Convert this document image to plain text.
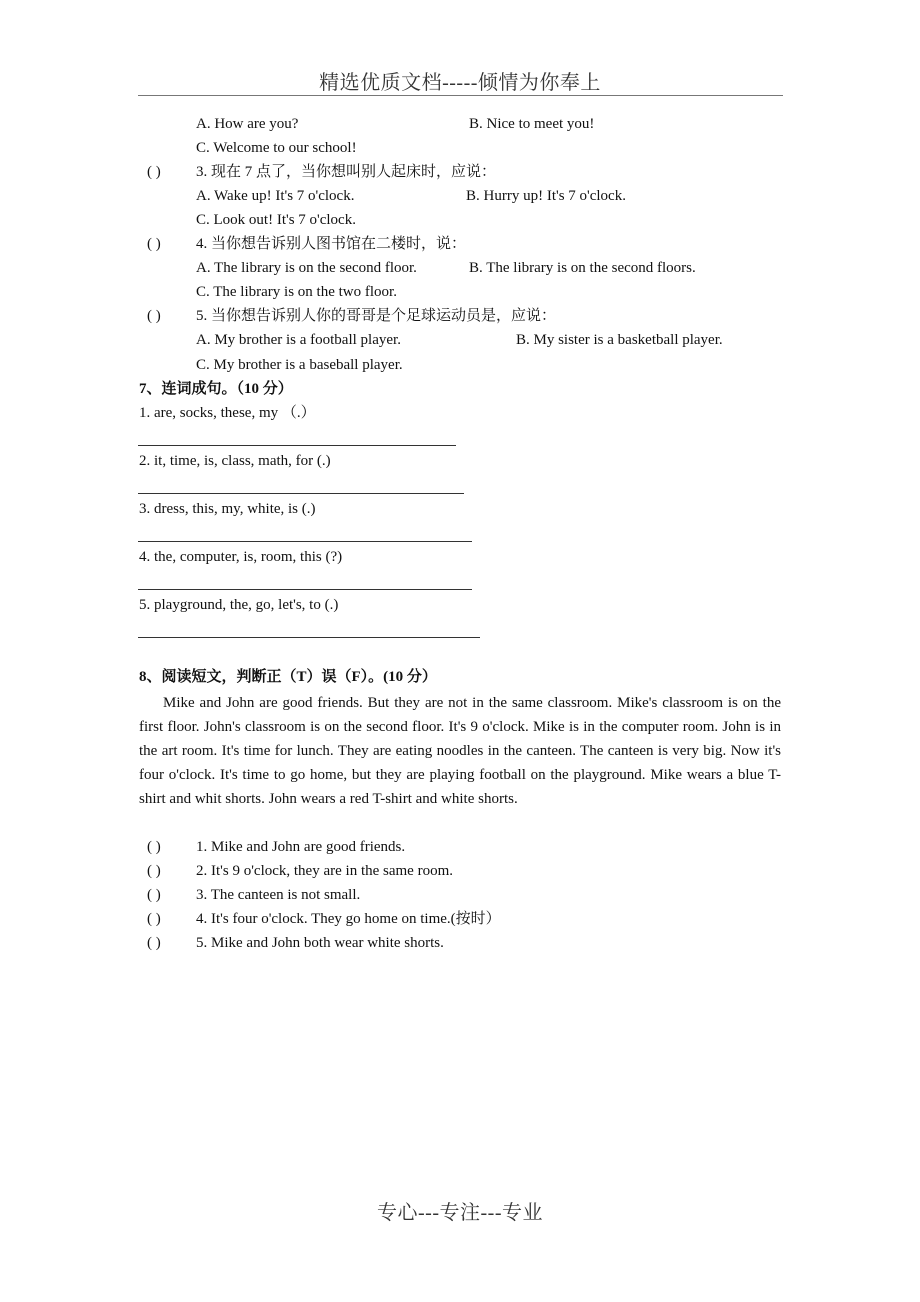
精选优质文档-----倾情为你奉上
A. How are you?	B. Nice to meet you!
C. Welcome to our school!
( ) 3. 现在 7 点了，当你想叫别人起床时，应说：
A. Wake up! It's 7 o'clock.	B. Hurry up! It's 7 o'clock.
C. Look out! It's 7 o'clock.
( ) 4. 当你想告诉别人图书馆在二楼时，说：
A. The library is on the second floor.	B. The library is on the second floors.
C. The library is on the two floor.
( ) 5. 当你想告诉别人你的哥哥是个足球运动员是，应说：
A. My brother is a football player.	B. My sister is a basketball player.
C. My brother is a baseball player.
7、连词成句。（10 分）
1. are, socks, these, my （.）
2. it, time, is, class, math, for (.)
3. dress, this, my, white, is (.)
4. the, computer, is, room, this (?)
5. playground, the, go, let's, to (.)
8、阅读短文，判断正（T）误（F）。(10 分）

Mike and John are good friends. But they are not in the same classroom. Mike's classroom is on the first floor. John's classroom is on the second floor. It's 9 o'clock. Mike is in the computer room. John is in the art room. It's time for lunch. They are eating noodles in the canteen. The canteen is very big. Now it's four o'clock. It's time to go home, but they are playing football on the playground. Mike wears a blue T-shirt and whit shorts. John wears a red T-shirt and white shorts.

( ) 1. Mike and John are good friends.
( ) 2. It's 9 o'clock, they are in the same room.
( ) 3. The canteen is not small.
( ) 4. It's four o'clock. They go home on time.(按时）
( ) 5. Mike and John both wear white shorts.
专心---专注---专业
